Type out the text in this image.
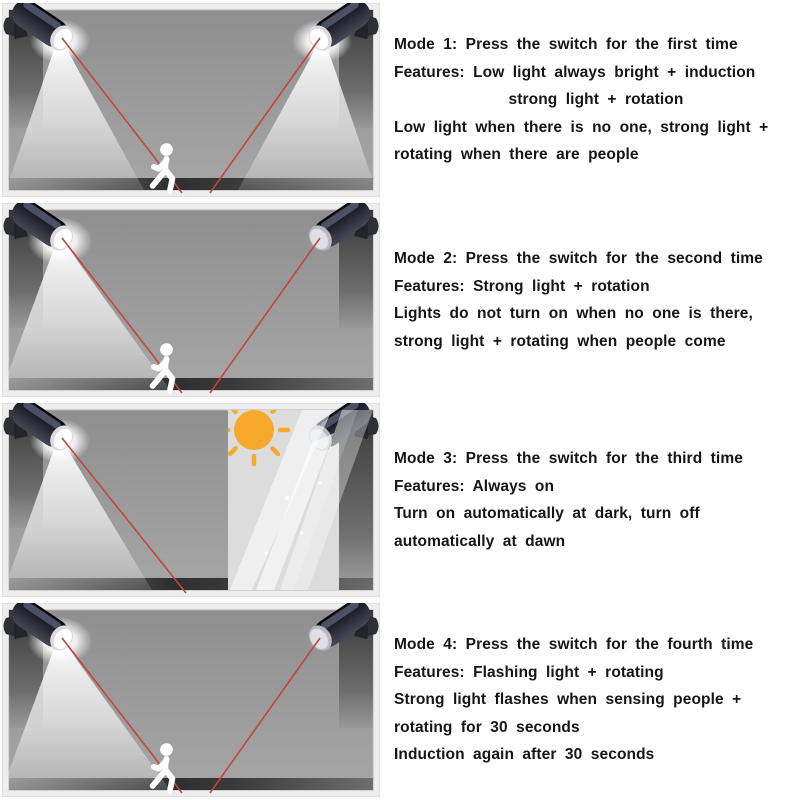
Mode 1: Press the switch for the first time

Features: Low light always bright + induction

strong light + rotation

Low light when there is no one, strong light +

rotating when there are people

Mode 2: Press the switch for the second time

Features: Strong light + rotation

Lights do not turn on when no one is there,

strong light + rotating when people come

Mode 3: Press the switch for the third time

Features: Always on

Turn on automatically at dark, turn off

automatically at dawn

Mode 4: Press the switch for the fourth time

Features: Flashing light + rotating

Strong light flashes when sensing people +

rotating for 30 seconds

Induction again after 30 seconds
